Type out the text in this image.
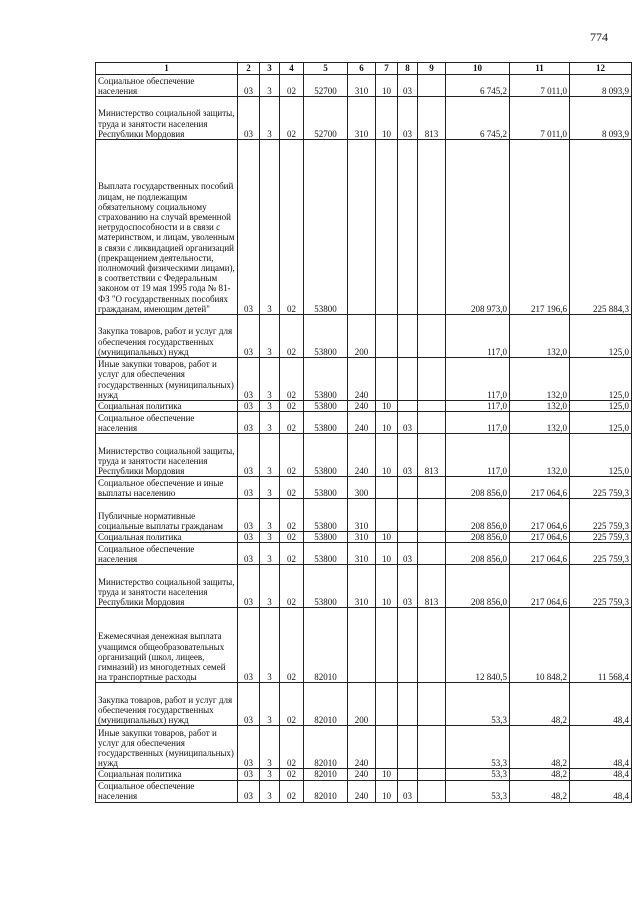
774
1	2	3	4	5	6	7	8	9	10	11	12
Социальное обеспечение населения	03	3	02	52700	310	10	03		6 745,2	7 011,0	8 093,9
Министерство социальной защиты, труда и занятости населения Республики Мордовия	03	3	02	52700	310	10	03	813	6 745,2	7 011,0	8 093,9
Выплата государственных пособий лицам, не подлежащим обязательному социальному страхованию на случай временной нетрудоспособности и в связи с материнством, и лицам, уволенным в связи с ликвидацией организаций (прекращением деятельности, полномочий физическими лицами), в соответствии с Федеральным законом от 19 мая 1995 года № 81-ФЗ "О государственных пособиях гражданам, имеющим детей"	03	3	02	53800					208 973,0	217 196,6	225 884,3
Закупка товаров, работ и услуг для обеспечения государственных (муниципальных) нужд	03	3	02	53800	200				117,0	132,0	125,0
Иные закупки товаров, работ и услуг для обеспечения государственных (муниципальных) нужд	03	3	02	53800	240				117,0	132,0	125,0
Социальная политика	03	3	02	53800	240	10			117,0	132,0	125,0
Социальное обеспечение населения	03	3	02	53800	240	10	03		117,0	132,0	125,0
Министерство социальной защиты, труда и занятости населения Республики Мордовия	03	3	02	53800	240	10	03	813	117,0	132,0	125,0
Социальное обеспечение и иные выплаты населению	03	3	02	53800	300				208 856,0	217 064,6	225 759,3
Публичные нормативные социальные выплаты гражданам	03	3	02	53800	310				208 856,0	217 064,6	225 759,3
Социальная политика	03	3	02	53800	310	10			208 856,0	217 064,6	225 759,3
Социальное обеспечение населения	03	3	02	53800	310	10	03		208 856,0	217 064,6	225 759,3
Министерство социальной защиты, труда и занятости населения Республики Мордовия	03	3	02	53800	310	10	03	813	208 856,0	217 064,6	225 759,3
Ежемесячная денежная выплата учащимся общеобразовательных организаций (школ, лицеев, гимназий) из многодетных семей на транспортные расходы	03	3	02	82010					12 840,5	10 848,2	11 568,4
Закупка товаров, работ и услуг для обеспечения государственных (муниципальных) нужд	03	3	02	82010	200				53,3	48,2	48,4
Иные закупки товаров, работ и услуг для обеспечения государственных (муниципальных) нужд	03	3	02	82010	240				53,3	48,2	48,4
Социальная политика	03	3	02	82010	240	10			53,3	48,2	48,4
Социальное обеспечение населения	03	3	02	82010	240	10	03		53,3	48,2	48,4
